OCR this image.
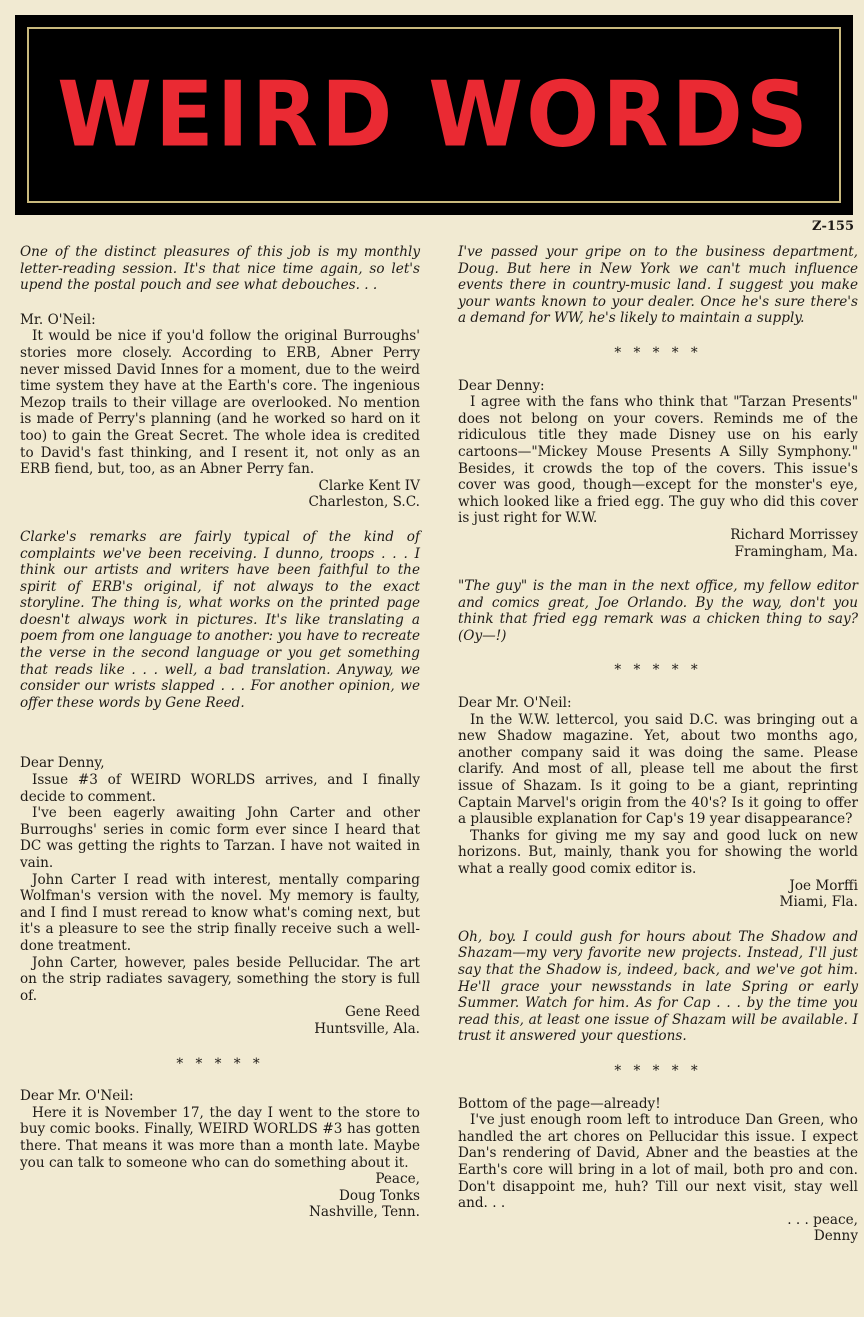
WEIRD WORDS
Z-155

One of the distinct pleasures of this job is my monthly letter-reading session. It's that nice time again, so let's upend the postal pouch and see what debouches. . .

Mr. O'Neil:

It would be nice if you'd follow the original Burroughs' stories more closely. According to ERB, Abner Perry never missed David Innes for a moment, due to the weird time system they have at the Earth's core. The ingenious Mezop trails to their village are overlooked. No mention is made of Perry's planning (and he worked so hard on it too) to gain the Great Secret. The whole idea is credited to David's fast thinking, and I resent it, not only as an ERB fiend, but, too, as an Abner Perry fan.

Clarke Kent IV

Charleston, S.C.

Clarke's remarks are fairly typical of the kind of complaints we've been receiving. I dunno, troops . . . I think our artists and writers have been faithful to the spirit of ERB's original, if not always to the exact storyline. The thing is, what works on the printed page doesn't always work in pictures. It's like translating a poem from one language to another: you have to recreate the verse in the second language or you get something that reads like . . . well, a bad translation. Anyway, we consider our wrists slapped . . . For another opinion, we offer these words by Gene Reed.

Dear Denny,

Issue #3 of WEIRD WORLDS arrives, and I finally decide to comment.

I've been eagerly awaiting John Carter and other Burroughs' series in comic form ever since I heard that DC was getting the rights to Tarzan. I have not waited in vain.

John Carter I read with interest, mentally comparing Wolfman's version with the novel. My memory is faulty, and I find I must reread to know what's coming next, but it's a pleasure to see the strip finally receive such a well-done treatment.

John Carter, however, pales beside Pellucidar. The art on the strip radiates savagery, something the story is full of.

Gene Reed

Huntsville, Ala.

* * * * *

Dear Mr. O'Neil:

Here it is November 17, the day I went to the store to buy comic books. Finally, WEIRD WORLDS #3 has gotten there. That means it was more than a month late. Maybe you can talk to someone who can do something about it.

Peace,

Doug Tonks

Nashville, Tenn.

I've passed your gripe on to the business department, Doug. But here in New York we can't much influence events there in country-music land. I suggest you make your wants known to your dealer. Once he's sure there's a demand for WW, he's likely to maintain a supply.

* * * * *

Dear Denny:

I agree with the fans who think that "Tarzan Presents" does not belong on your covers. Reminds me of the ridiculous title they made Disney use on his early cartoons—"Mickey Mouse Presents A Silly Symphony." Besides, it crowds the top of the covers. This issue's cover was good, though—except for the monster's eye, which looked like a fried egg. The guy who did this cover is just right for W.W.

Richard Morrissey

Framingham, Ma.

"The guy" is the man in the next office, my fellow editor and comics great, Joe Orlando. By the way, don't you think that fried egg remark was a chicken thing to say? (Oy—!)

* * * * *

Dear Mr. O'Neil:

In the W.W. lettercol, you said D.C. was bringing out a new Shadow magazine. Yet, about two months ago, another company said it was doing the same. Please clarify. And most of all, please tell me about the first issue of Shazam. Is it going to be a giant, reprinting Captain Marvel's origin from the 40's? Is it going to offer a plausible explanation for Cap's 19 year disappearance?

Thanks for giving me my say and good luck on new horizons. But, mainly, thank you for showing the world what a really good comix editor is.

Joe Morffi

Miami, Fla.

Oh, boy. I could gush for hours about The Shadow and Shazam—my very favorite new projects. Instead, I'll just say that the Shadow is, indeed, back, and we've got him. He'll grace your newsstands in late Spring or early Summer. Watch for him. As for Cap . . . by the time you read this, at least one issue of Shazam will be available. I trust it answered your questions.

* * * * *

Bottom of the page—already!

I've just enough room left to introduce Dan Green, who handled the art chores on Pellucidar this issue. I expect Dan's rendering of David, Abner and the beasties at the Earth's core will bring in a lot of mail, both pro and con. Don't disappoint me, huh? Till our next visit, stay well and. . .

. . . peace,

Denny
